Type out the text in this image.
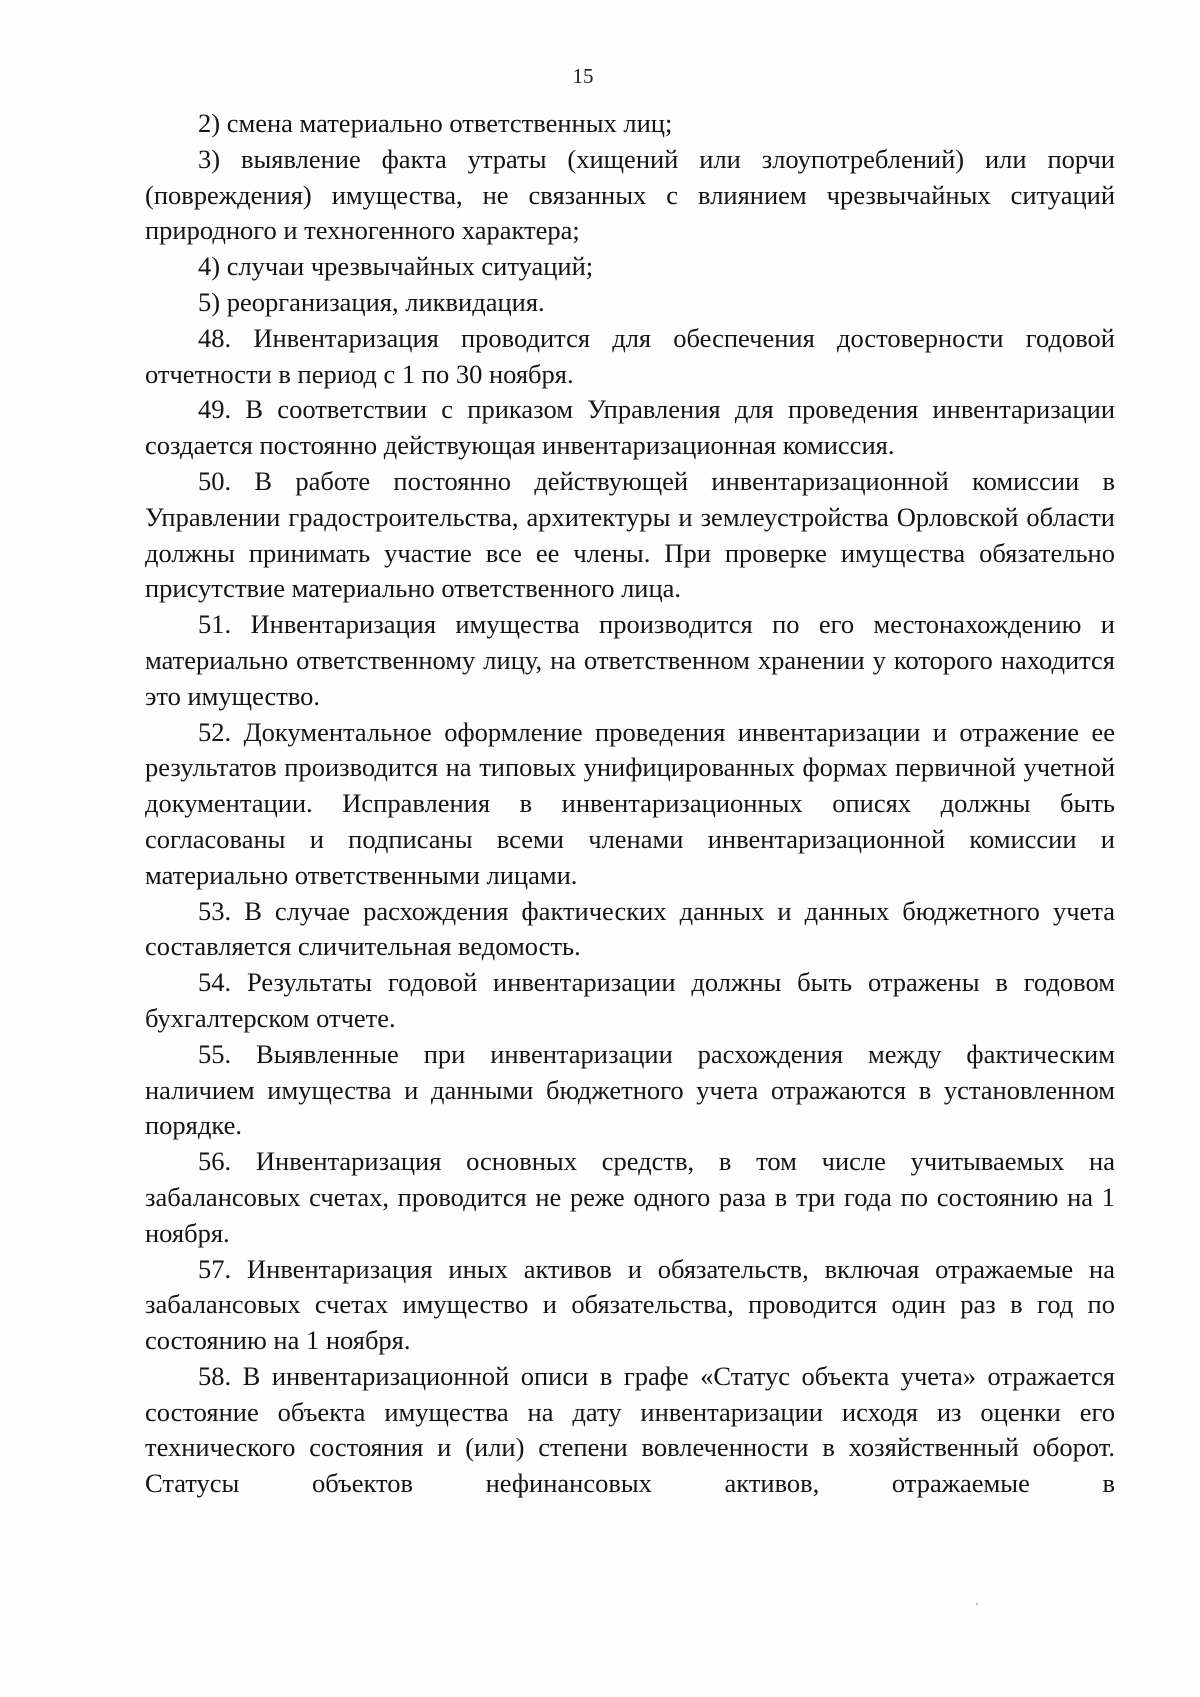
15

2) смена материально ответственных лиц;

3) выявление факта утраты (хищений или злоупотреблений) или порчи (повреждения) имущества, не связанных с влиянием чрезвычайных ситуаций природного и техногенного характера;

4) случаи чрезвычайных ситуаций;

5) реорганизация, ликвидация.

48. Инвентаризация проводится для обеспечения достоверности годовой отчетности в период с 1 по 30 ноября.

49. В соответствии с приказом Управления для проведения инвентаризации создается постоянно действующая инвентаризационная комиссия.

50. В работе постоянно действующей инвентаризационной комиссии в Управлении градостроительства, архитектуры и землеустройства Орловской области должны принимать участие все ее члены. При проверке имущества обязательно присутствие материально ответственного лица.

51. Инвентаризация имущества производится по его местонахождению и материально ответственному лицу, на ответственном хранении у которого находится это имущество.

52. Документальное оформление проведения инвентаризации и отражение ее результатов производится на типовых унифицированных формах первичной учетной документации. Исправления в инвентаризационных описях должны быть согласованы и подписаны всеми членами инвентаризационной комиссии и материально ответственными лицами.

53. В случае расхождения фактических данных и данных бюджетного учета составляется сличительная ведомость.

54. Результаты годовой инвентаризации должны быть отражены в годовом бухгалтерском отчете.

55. Выявленные при инвентаризации расхождения между фактическим наличием имущества и данными бюджетного учета отражаются в установленном порядке.

56. Инвентаризация основных средств, в том числе учитываемых на забалансовых счетах, проводится не реже одного раза в три года по состоянию на 1 ноября.

57. Инвентаризация иных активов и обязательств, включая отражаемые на забалансовых счетах имущество и обязательства, проводится один раз в год по состоянию на 1 ноября.

58. В инвентаризационной описи в графе «Статус объекта учета» отражается состояние объекта имущества на дату инвентаризации исходя из оценки его технического состояния и (или) степени вовлеченности в хозяйственный оборот. Статусы объектов нефинансовых активов, отражаемые в
